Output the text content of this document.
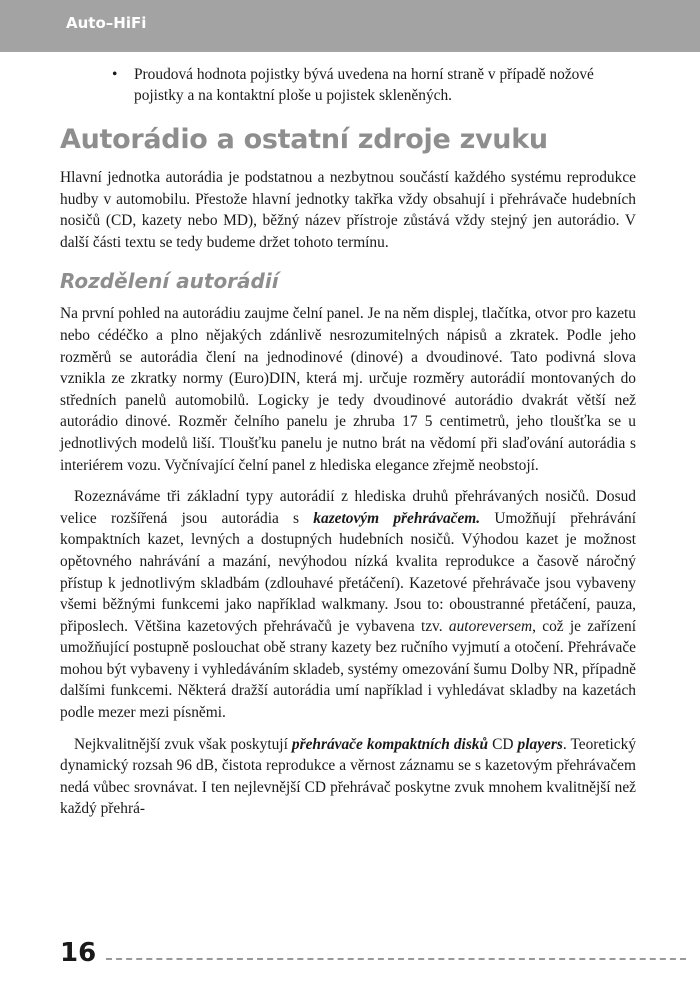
Auto–HiFi
• Proudová hodnota pojistky bývá uvedena na horní straně v případě nožové pojistky a na kontaktní ploše u pojistek skleněných.
Autorádio a ostatní zdroje zvuku

Hlavní jednotka autorádia je podstatnou a nezbytnou součástí každého systému reprodukce hudby v automobilu. Přestože hlavní jednotky takřka vždy obsahují i přehrávače hudebních nosičů (CD, kazety nebo MD), běžný název přístroje zůstává vždy stejný jen autorádio. V další části textu se tedy budeme držet tohoto termínu.

Rozdělení autorádií

Na první pohled na autorádiu zaujme čelní panel. Je na něm displej, tlačítka, otvor pro kazetu nebo cédéčko a plno nějakých zdánlivě nesrozumitelných nápisů a zkratek. Podle jeho rozměrů se autorádia člení na jednodinové (dinové) a dvoudinové. Tato podivná slova vznikla ze zkratky normy (Euro)DIN, která mj. určuje rozměry autorádií montovaných do středních panelů automobilů. Logicky je tedy dvoudinové autorádio dvakrát větší než autorádio dinové. Rozměr čelního panelu je zhruba 17 5 centimetrů, jeho tloušťka se u jednotlivých modelů liší. Tloušťku panelu je nutno brát na vědomí při slaďování autorádia s interiérem vozu. Vyčnívající čelní panel z hlediska elegance zřejmě neobstojí.

Rozeznáváme tři základní typy autorádií z hlediska druhů přehrávaných nosičů. Dosud velice rozšířená jsou autorádia s kazetovým přehrávačem. Umožňují přehrávání kompaktních kazet, levných a dostupných hudebních nosičů. Výhodou kazet je možnost opětovného nahrávání a mazání, nevýhodou nízká kvalita reprodukce a časově náročný přístup k jednotlivým skladbám (zdlouhavé přetáčení). Kazetové přehrávače jsou vybaveny všemi běžnými funkcemi jako například walkmany. Jsou to: oboustranné přetáčení, pauza, připoslech. Většina kazetových přehrávačů je vybavena tzv. autoreversem, což je zařízení umožňující postupně poslouchat obě strany kazety bez ručního vyjmutí a otočení. Přehrávače mohou být vybaveny i vyhledáváním skladeb, systémy omezování šumu Dolby NR, případně dalšími funkcemi. Některá dražší autorádia umí například i vyhledávat skladby na kazetách podle mezer mezi písněmi.

Nejkvalitnější zvuk však poskytují přehrávače kompaktních disků CD players. Teoretický dynamický rozsah 96 dB, čistota reprodukce a věrnost záznamu se s kazetovým přehrávačem nedá vůbec srovnávat. I ten nejlevnější CD přehrávač poskytne zvuk mnohem kvalitnější než každý přehrá-

16
